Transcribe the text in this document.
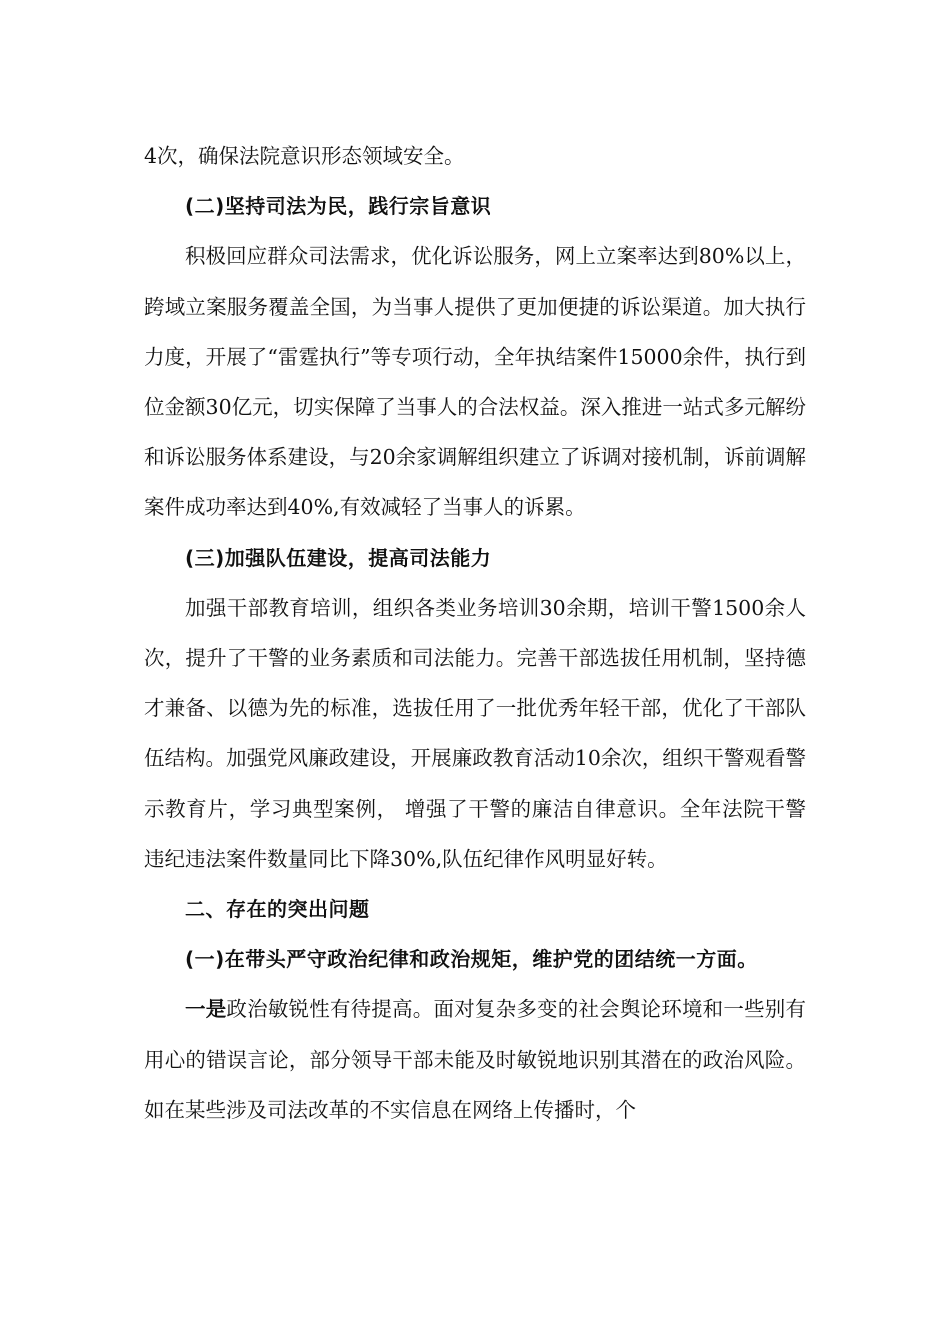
4次，确保法院意识形态领域安全。

(二)坚持司法为民，践行宗旨意识

积极回应群众司法需求，优化诉讼服务，网上立案率达到80%以上，跨域立案服务覆盖全国，为当事人提供了更加便捷的诉讼渠道。加大执行力度，开展了“雷霆执行”等专项行动，全年执结案件15000余件，执行到位金额30亿元，切实保障了当事人的合法权益。深入推进一站式多元解纷和诉讼服务体系建设，与20余家调解组织建立了诉调对接机制，诉前调解案件成功率达到40%,有效减轻了当事人的诉累。

(三)加强队伍建设，提高司法能力

加强干部教育培训，组织各类业务培训30余期，培训干警1500余人次，提升了干警的业务素质和司法能力。完善干部选拔任用机制，坚持德才兼备、以德为先的标准，选拔任用了一批优秀年轻干部，优化了干部队伍结构。加强党风廉政建设，开展廉政教育活动10余次，组织干警观看警示教育片，学习典型案例， 增强了干警的廉洁自律意识。全年法院干警违纪违法案件数量同比下降30%,队伍纪律作风明显好转。

二、存在的突出问题

(一)在带头严守政治纪律和政治规矩，维护党的团结统一方面。

一是政治敏锐性有待提高。面对复杂多变的社会舆论环境和一些别有用心的错误言论，部分领导干部未能及时敏锐地识别其潜在的政治风险。如在某些涉及司法改革的不实信息在网络上传播时，个
